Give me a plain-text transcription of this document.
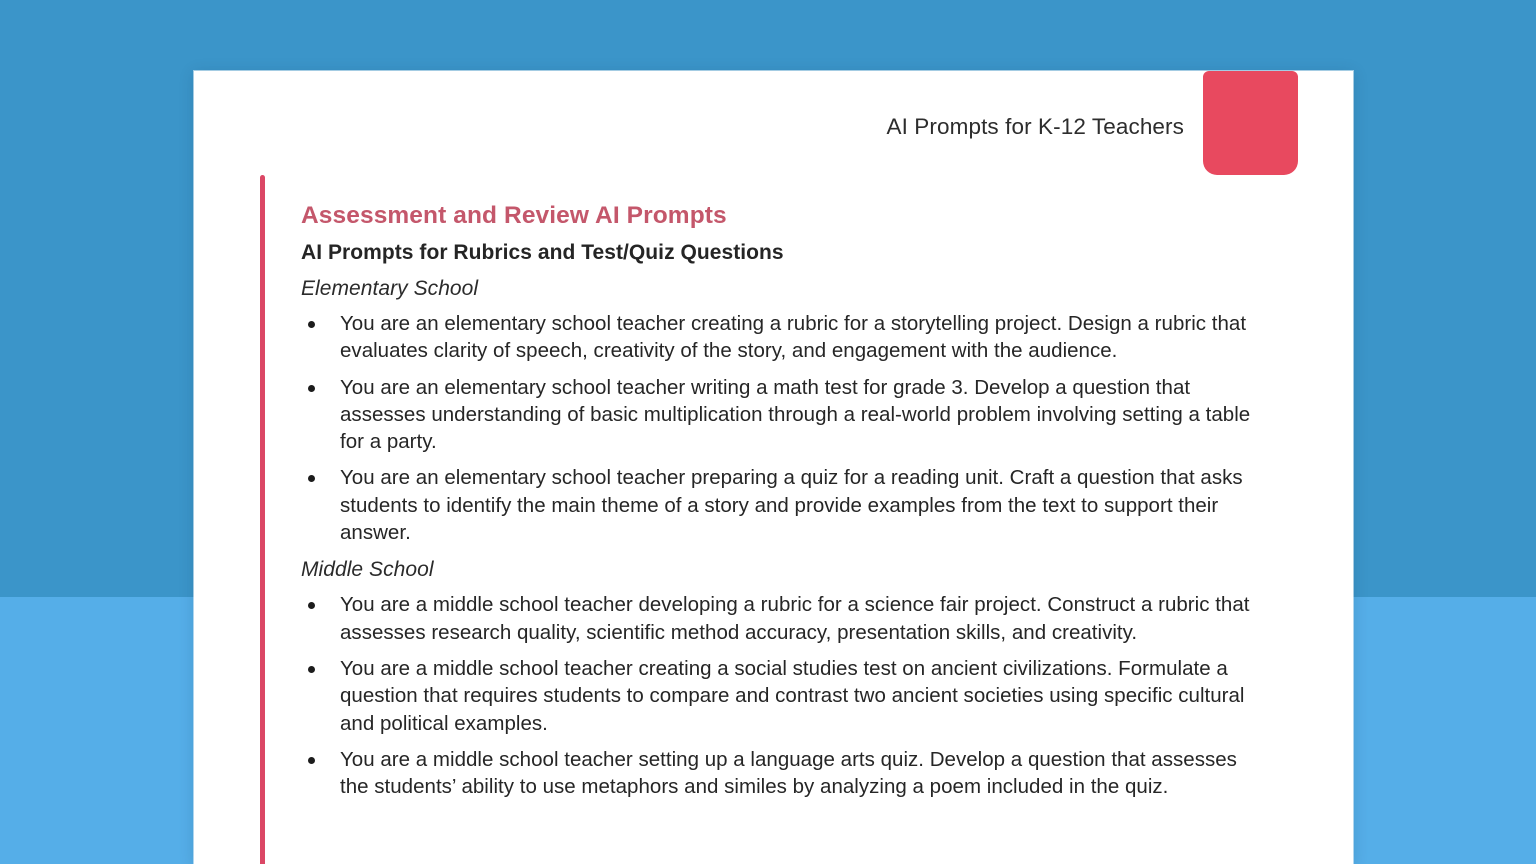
AI Prompts for K-12 Teachers
Assessment and Review AI Prompts
AI Prompts for Rubrics and Test/Quiz Questions
Elementary School
You are an elementary school teacher creating a rubric for a storytelling project. Design a rubric that evaluates clarity of speech, creativity of the story, and engagement with the audience.
You are an elementary school teacher writing a math test for grade 3. Develop a question that assesses understanding of basic multiplication through a real-world problem involving setting a table for a party.
You are an elementary school teacher preparing a quiz for a reading unit. Craft a question that asks students to identify the main theme of a story and provide examples from the text to support their answer.
Middle School
You are a middle school teacher developing a rubric for a science fair project. Construct a rubric that assesses research quality, scientific method accuracy, presentation skills, and creativity.
You are a middle school teacher creating a social studies test on ancient civilizations. Formulate a question that requires students to compare and contrast two ancient societies using specific cultural and political examples.
You are a middle school teacher setting up a language arts quiz. Develop a question that assesses the students’ ability to use metaphors and similes by analyzing a poem included in the quiz.
